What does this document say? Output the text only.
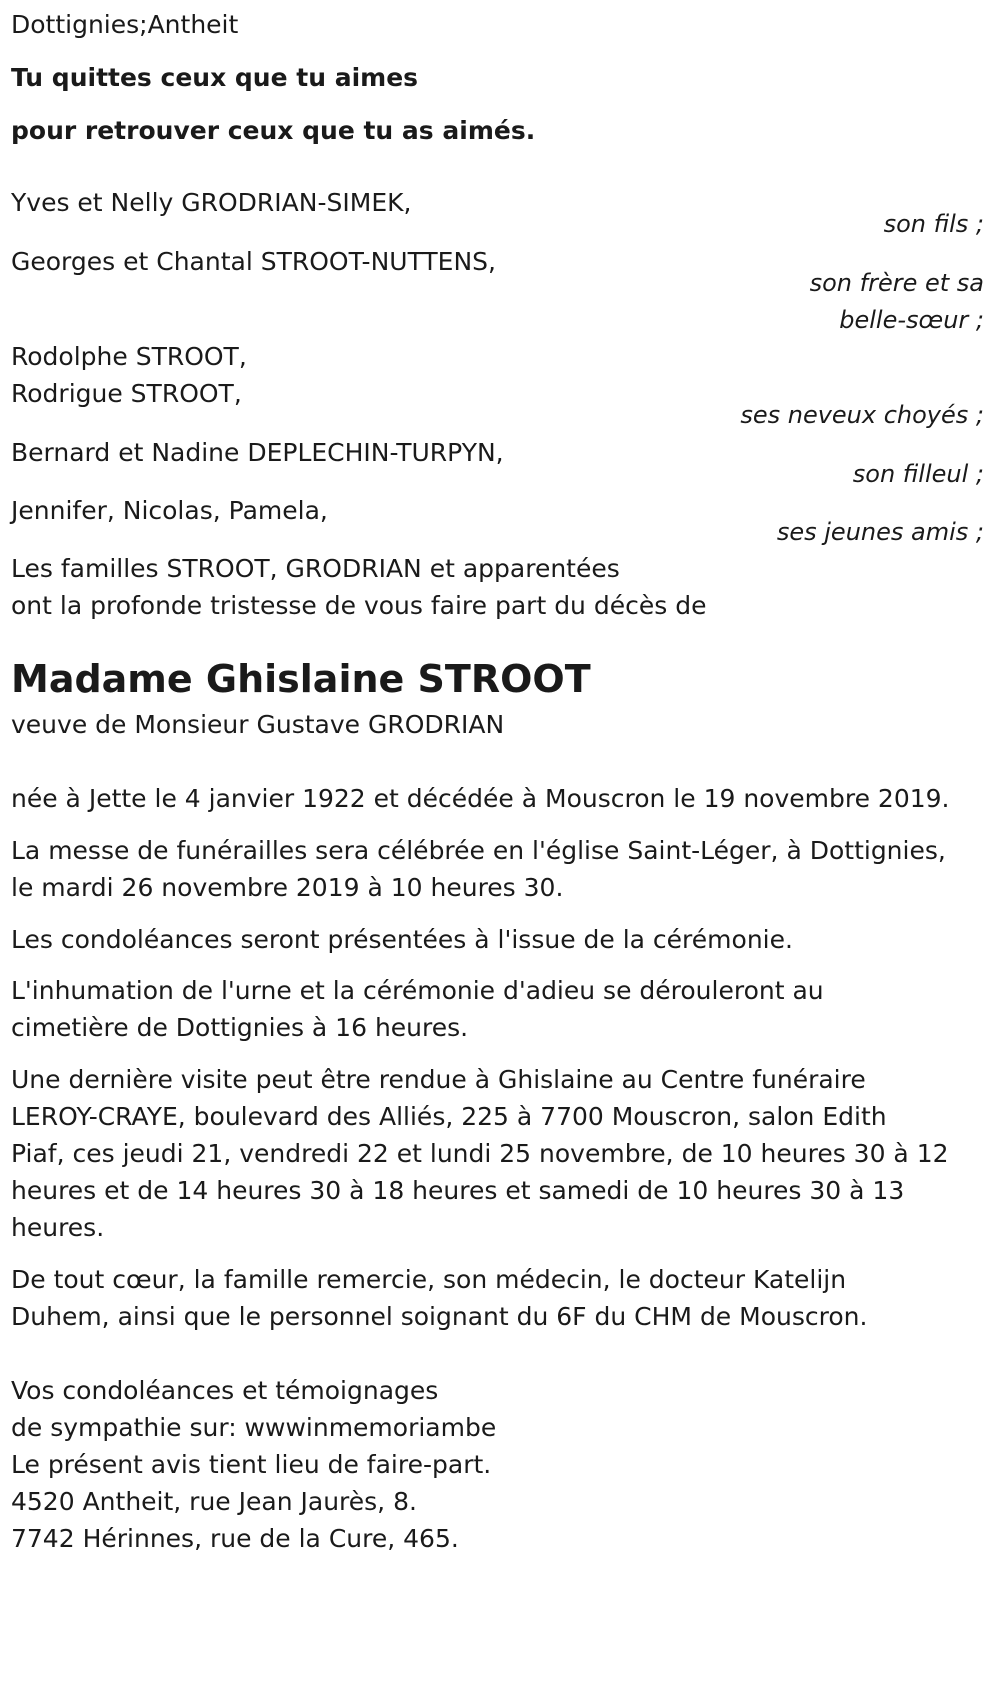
Dottignies;Antheit
Tu quittes ceux que tu aimes
pour retrouver ceux que tu as aimés.
Yves et Nelly GRODRIAN-SIMEK,
son fils ;
Georges et Chantal STROOT-NUTTENS,
son frère et sa
belle-sœur ;
Rodolphe STROOT,
Rodrigue STROOT,
ses neveux choyés ;
Bernard et Nadine DEPLECHIN-TURPYN,
son filleul ;
Jennifer, Nicolas, Pamela,
ses jeunes amis ;
Les familles STROOT, GRODRIAN et apparentées
ont la profonde tristesse de vous faire part du décès de
Madame Ghislaine STROOT
veuve de Monsieur Gustave GRODRIAN
née à Jette le 4 janvier 1922 et décédée à Mouscron le 19 novembre 2019.
La messe de funérailles sera célébrée en l'église Saint-Léger, à Dottignies,
le mardi 26 novembre 2019 à 10 heures 30.
Les condoléances seront présentées à l'issue de la cérémonie.
L'inhumation de l'urne et la cérémonie d'adieu se dérouleront au
cimetière de Dottignies à 16 heures.
Une dernière visite peut être rendue à Ghislaine au Centre funéraire
LEROY-CRAYE, boulevard des Alliés, 225 à 7700 Mouscron, salon Edith
Piaf, ces jeudi 21, vendredi 22 et lundi 25 novembre, de 10 heures 30 à 12
heures et de 14 heures 30 à 18 heures et samedi de 10 heures 30 à 13
heures.
De tout cœur, la famille remercie, son médecin, le docteur Katelijn
Duhem, ainsi que le personnel soignant du 6F du CHM de Mouscron.
Vos condoléances et témoignages
de sympathie sur: wwwinmemoriambe
Le présent avis tient lieu de faire-part.
4520 Antheit, rue Jean Jaurès, 8.
7742 Hérinnes, rue de la Cure, 465.
